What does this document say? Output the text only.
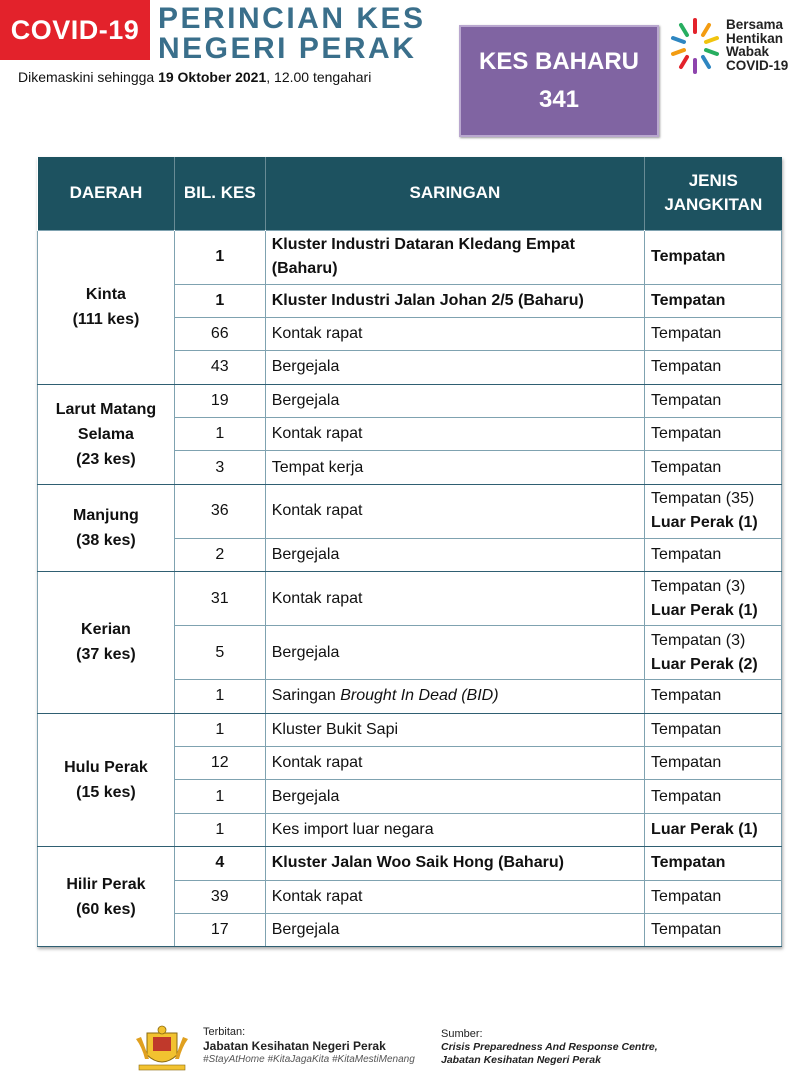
COVID-19 PERINCIAN KES
NEGERI PERAK
Dikemaskini sehingga 19 Oktober 2021, 12.00 tengahari
KES BAHARU
341
Bersama
Hentikan
Wabak
COVID-19
DAERAH	BIL. KES	SARINGAN	JENIS
JANGKITAN
Kinta
(111 kes)	1	Kluster Industri Dataran Kledang Empat (Baharu)	Tempatan
	1	Kluster Industri Jalan Johan 2/5 (Baharu)	Tempatan
	66	Kontak rapat	Tempatan
	43	Bergejala	Tempatan
Larut Matang
Selama
(23 kes)	19	Bergejala	Tempatan
	1	Kontak rapat	Tempatan
	3	Tempat kerja	Tempatan
Manjung
(38 kes)	36	Kontak rapat	Tempatan (35)
Luar Perak (1)
	2	Bergejala	Tempatan
Kerian
(37 kes)	31	Kontak rapat	Tempatan (3)
Luar Perak (1)
	5	Bergejala	Tempatan (3)
Luar Perak (2)
	1	Saringan Brought In Dead (BID)	Tempatan
Hulu Perak
(15 kes)	1	Kluster Bukit Sapi	Tempatan
	12	Kontak rapat	Tempatan
	1	Bergejala	Tempatan
	1	Kes import luar negara	Luar Perak (1)
Hilir Perak
(60 kes)	4	Kluster Jalan Woo Saik Hong (Baharu)	Tempatan
	39	Kontak rapat	Tempatan
	17	Bergejala	Tempatan
Terbitan:
Jabatan Kesihatan Negeri Perak
#StayAtHome #KitaJagaKita #KitaMestiMenang
Sumber:
Crisis Preparedness And Response Centre,
Jabatan Kesihatan Negeri Perak
